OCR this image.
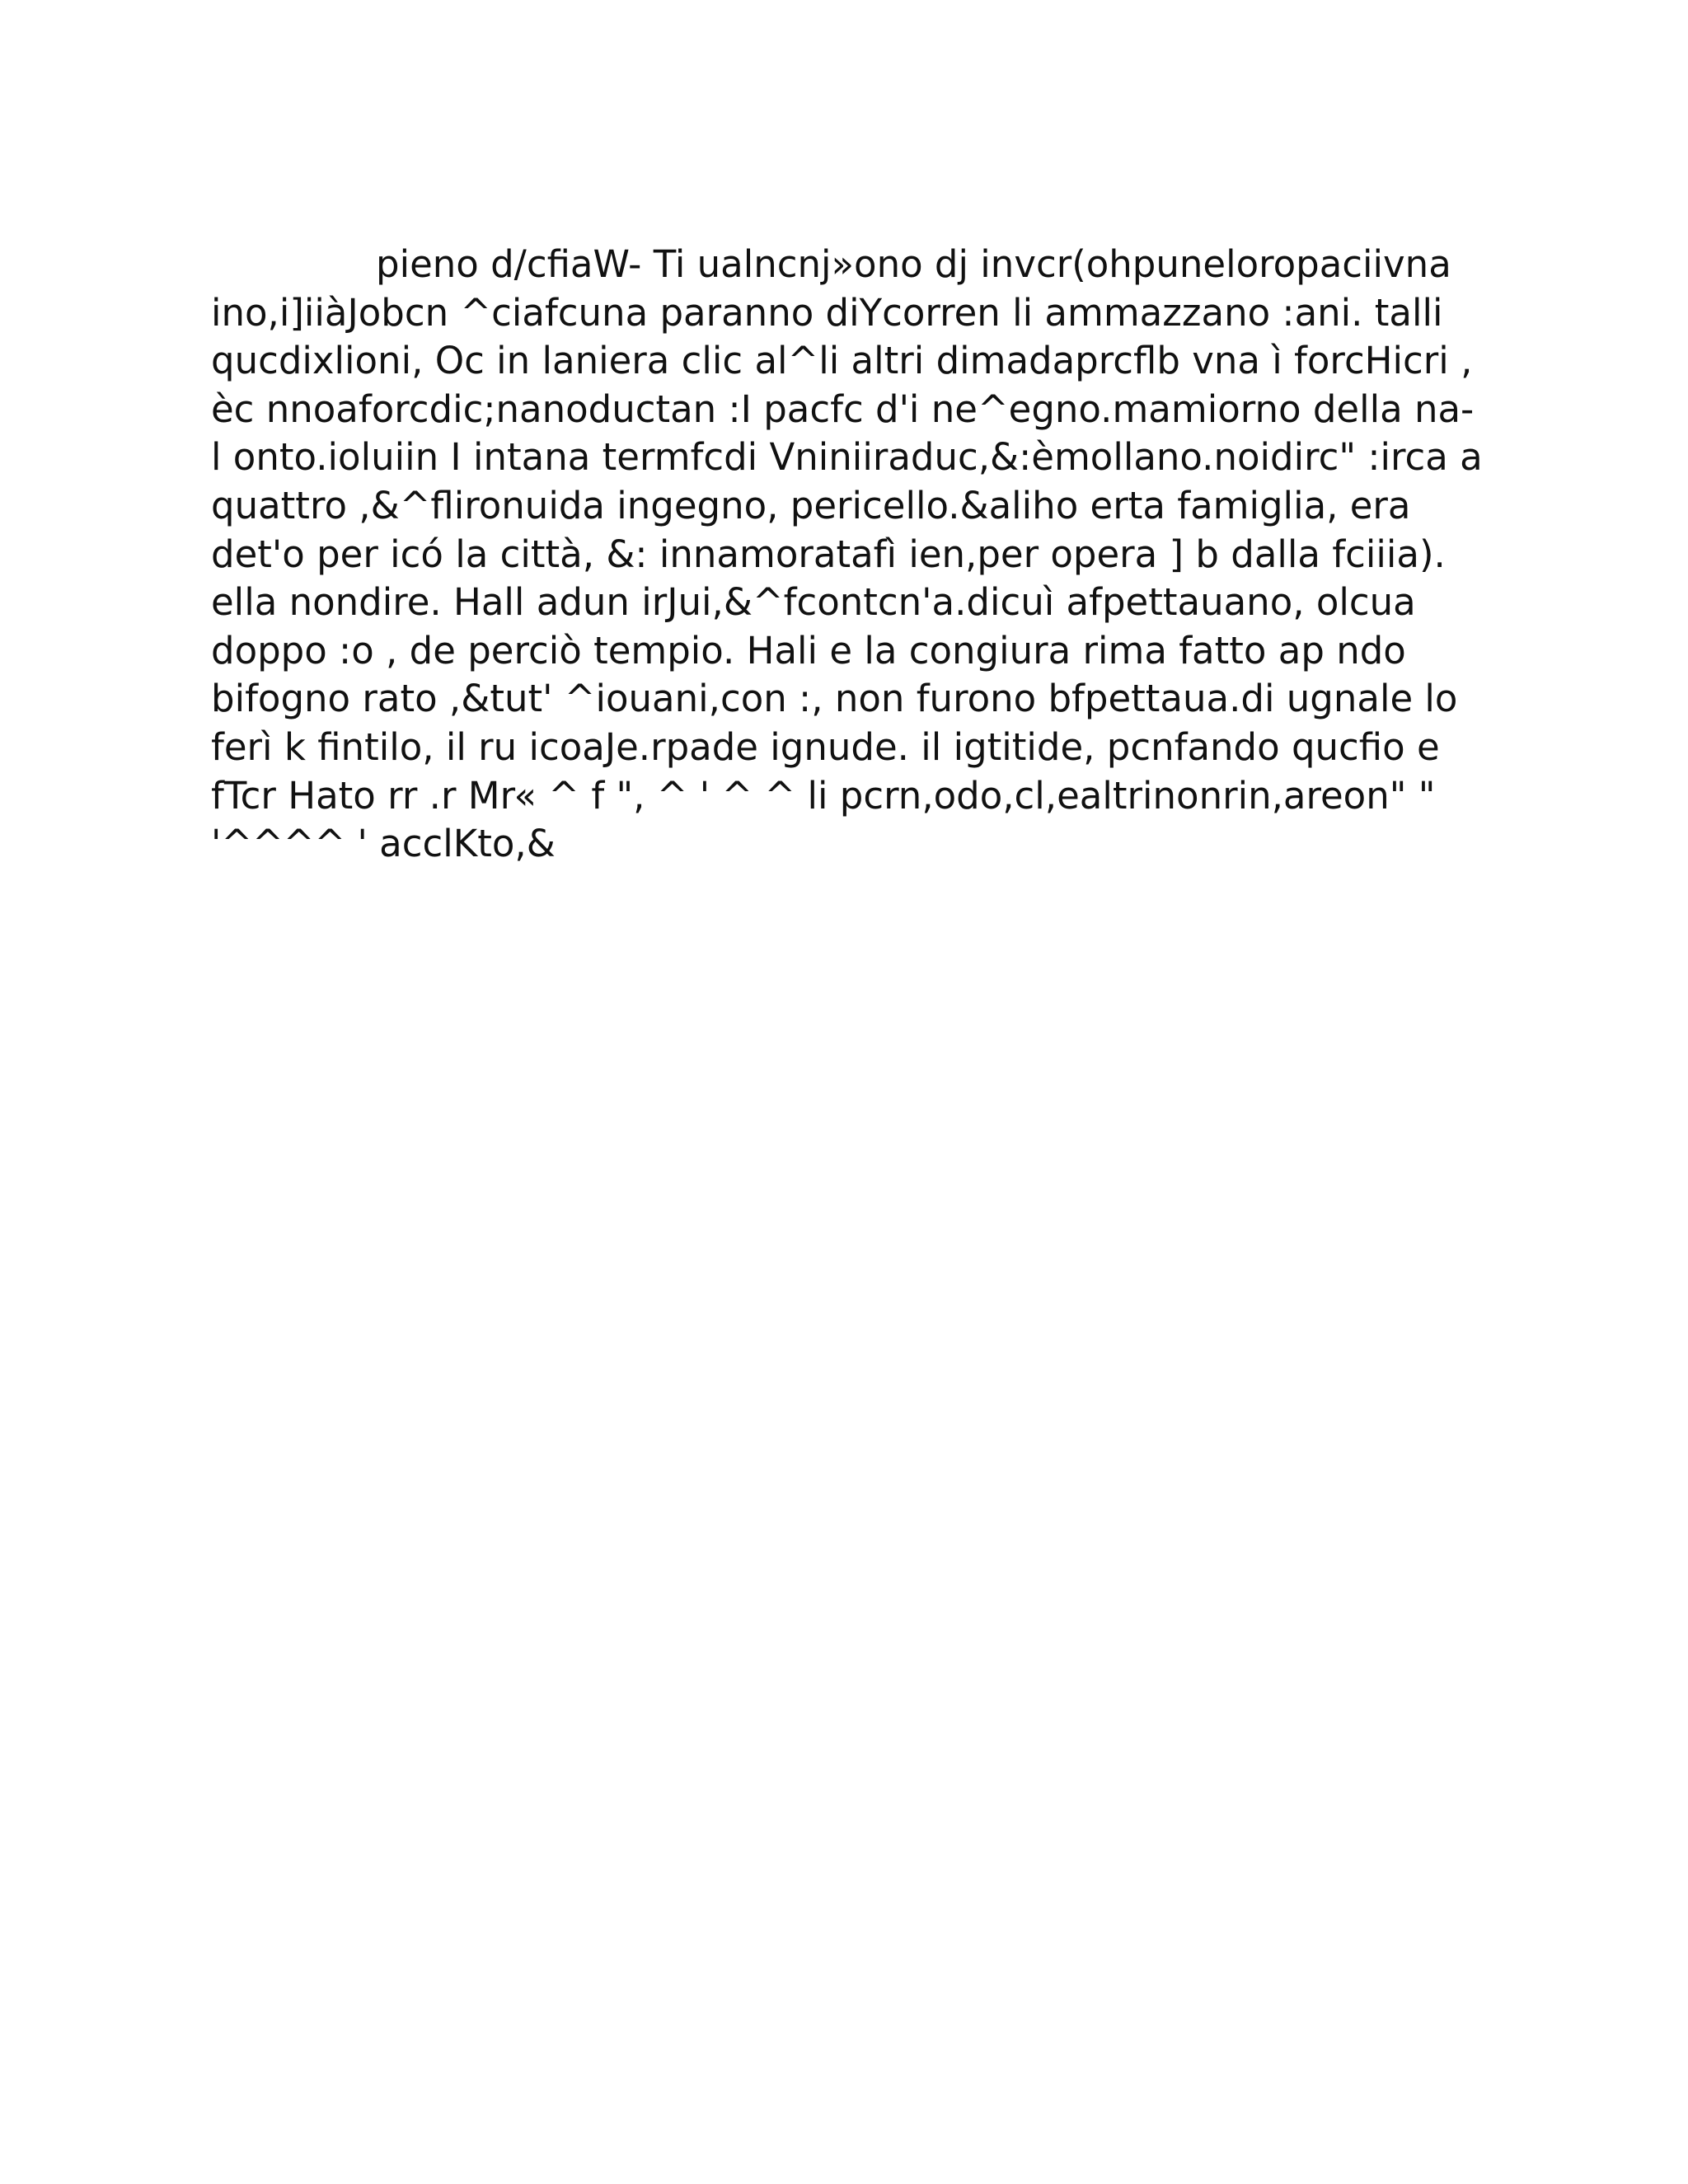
pieno d/cfiaW- Ti ualncnj»ono dj invcr(ohpuneloropaciivna
ino,i]iiàJobcn ^ciafcuna paranno diYcorren li ammazzano :ani. talli
qucdixlioni, Oc in laniera clic al^li altri dimadaprcflb vna ì forcHicri ,
èc nnoaforcdic;nanoductan :I pacfc d'i ne^egno.mamiorno della na-
l onto.ioluiin I intana termfcdi Vniniiraduc,&:èmollano.noidirc" :irca a
quattro ,&^flironuida ingegno, pericello.&aliho erta famiglia, era
det'o per icó la città, &: innamoratafì ien,per opera ] b dalla fciiia).
ella nondire. Hall adun irJui,&^fcontcn'a.dicuì afpettauano, olcua
doppo :o , de perciò tempio. Hali e la congiura rima fatto ap ndo
bifogno rato ,&tut' ^iouani,con :, non furono bfpettaua.di ugnale lo
ferì k fintilo, il ru icoaJe.rpade ignude. il igtitide, pcnfando qucfio e
fTcr Hato rr .r Mr« ^ f ", ^ ' ^ ^ li pcrn,odo,cl,ealtrinonrin,areon" "
'^^^^ ' acclKto,&
